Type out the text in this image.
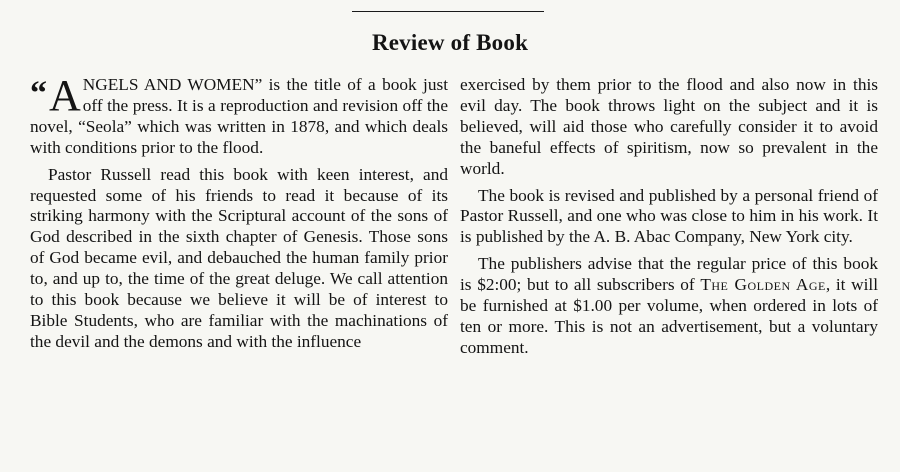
Review of Book

“ A NGELS AND WOMEN” is the title of a book just off the press. It is a reproduction and revision off the novel, “Seola” which was written in 1878, and which deals with conditions prior to the flood.

Pastor Russell read this book with keen interest, and requested some of his friends to read it because of its striking harmony with the Scriptural account of the sons of God described in the sixth chapter of Genesis. Those sons of God became evil, and debauched the human family prior to, and up to, the time of the great deluge. We call attention to this book because we believe it will be of interest to Bible Students, who are familiar with the machinations of the devil and the demons and with the influence

exercised by them prior to the flood and also now in this evil day. The book throws light on the subject and it is believed, will aid those who carefully consider it to avoid the baneful effects of spiritism, now so prevalent in the world.

The book is revised and published by a personal friend of Pastor Russell, and one who was close to him in his work. It is published by the A. B. Abac Company, New York city.

The publishers advise that the regular price of this book is $2:00; but to all subscribers of The Golden Age, it will be furnished at $1.00 per volume, when ordered in lots of ten or more. This is not an advertisement, but a voluntary comment.
